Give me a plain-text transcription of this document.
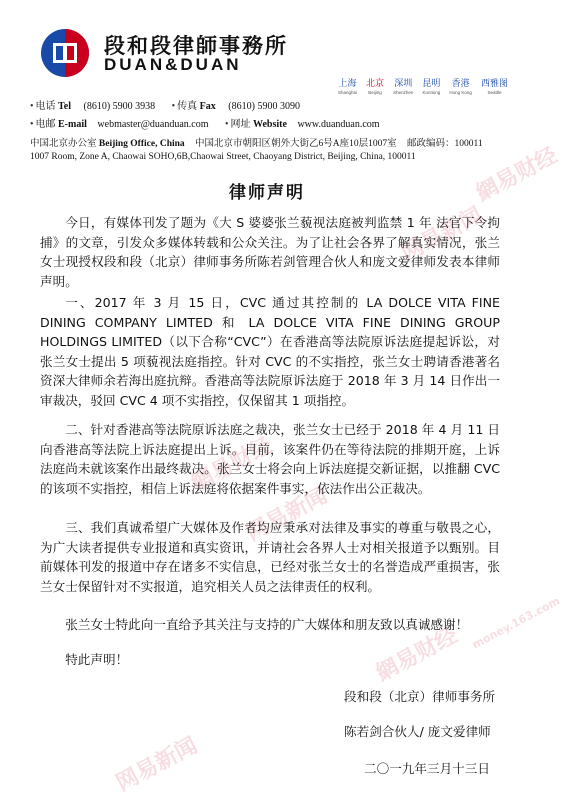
段和段律師事務所
DUAN&DUAN
• 电话 Tel (8610) 5900 3938 • 传真 Fax (8610) 5900 3090
上海
Shanghai
北京
Beijing
深圳
Shenzhen
昆明
Kunming
香港
Hong Kong
西雅图
Seattle
• 电邮 E-mail webmaster@duanduan.com • 网址 Website www.duanduan.com
中国北京办公室 Beijing Office, China 中国北京市朝阳区朝外大街乙6号A座10层1007室 邮政编码：100011
1007 Room, Zone A, Chaowai SOHO,6B,Chaowai Street, Chaoyang District, Beijing, China, 100011	網易财经
网易新闻
網易财经
网易新闻
網易财经
网易新闻
money.163.com
律师声明

今日，有媒体刊发了题为《大 S 婆婆张兰藐视法庭被判监禁 1 年 法官下令拘捕》的文章，引发众多媒体转载和公众关注。为了让社会各界了解真实情况，张兰女士现授权段和段（北京）律师事务所陈若剑管理合伙人和庞文爱律师发表本律师声明。

一、2017 年 3 月 15 日，CVC 通过其控制的 LA DOLCE VITA FINE DINING COMPANY LIMTED 和 LA DOLCE VITA FINE DINING GROUP HOLDINGS LIMITED（以下合称“CVC”）在香港高等法院原诉法庭提起诉讼，对张兰女士提出 5 项藐视法庭指控。针对 CVC 的不实指控，张兰女士聘请香港著名资深大律师余若海出庭抗辩。香港高等法院原诉法庭于 2018 年 3 月 14 日作出一审裁决，驳回 CVC 4 项不实指控，仅保留其 1 项指控。

二、针对香港高等法院原诉法庭之裁决，张兰女士已经于 2018 年 4 月 11 日向香港高等法院上诉法庭提出上诉。目前，该案件仍在等待法院的排期开庭，上诉法庭尚未就该案作出最终裁决。张兰女士将会向上诉法庭提交新证据，以推翻 CVC 的该项不实指控，相信上诉法庭将依据案件事实，依法作出公正裁决。

三、我们真诚希望广大媒体及作者均应秉承对法律及事实的尊重与敬畏之心，为广大读者提供专业报道和真实资讯，并请社会各界人士对相关报道予以甄别。目前媒体刊发的报道中存在诸多不实信息，已经对张兰女士的名誉造成严重损害，张兰女士保留针对不实报道，追究相关人员之法律责任的权利。

张兰女士特此向一直给予其关注与支持的广大媒体和朋友致以真诚感谢！

特此声明！

段和段（北京）律师事务所
陈若剑合伙人/ 庞文爱律师
二〇一九年三月十三日
